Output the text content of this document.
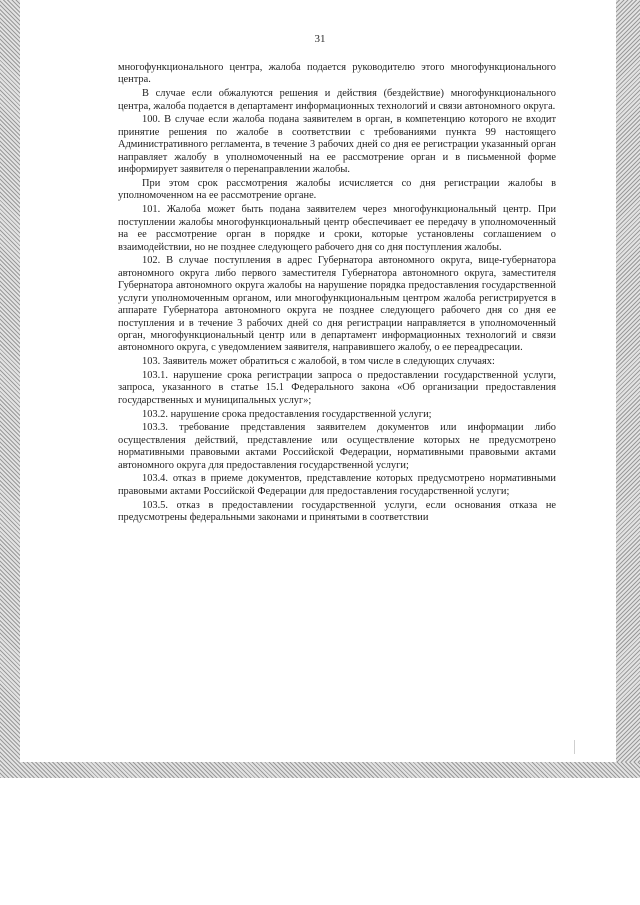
31

многофункционального центра, жалоба подается руководителю этого многофункционального центра.

В случае если обжалуются решения и действия (бездействие) многофункционального центра, жалоба подается в департамент информационных технологий и связи автономного округа.

100. В случае если жалоба подана заявителем в орган, в компетенцию которого не входит принятие решения по жалобе в соответствии с требованиями пункта 99 настоящего Административного регламента, в течение 3 рабочих дней со дня ее регистрации указанный орган направляет жалобу в уполномоченный на ее рассмотрение орган и в письменной форме информирует заявителя о перенаправлении жалобы.

При этом срок рассмотрения жалобы исчисляется со дня регистрации жалобы в уполномоченном на ее рассмотрение органе.

101. Жалоба может быть подана заявителем через многофункциональный центр. При поступлении жалобы многофункциональный центр обеспечивает ее передачу в уполномоченный на ее рассмотрение орган в порядке и сроки, которые установлены соглашением о взаимодействии, но не позднее следующего рабочего дня со дня поступления жалобы.

102. В случае поступления в адрес Губернатора автономного округа, вице-губернатора автономного округа либо первого заместителя Губернатора автономного округа, заместителя Губернатора автономного округа жалобы на нарушение порядка предоставления государственной услуги уполномоченным органом, или многофункциональным центром жалоба регистрируется в аппарате Губернатора автономного округа не позднее следующего рабочего дня со дня ее поступления и в течение 3 рабочих дней со дня регистрации направляется в уполномоченный орган, многофункциональный центр или в департамент информационных технологий и связи автономного округа, с уведомлением заявителя, направившего жалобу, о ее переадресации.

103. Заявитель может обратиться с жалобой, в том числе в следующих случаях:

103.1. нарушение срока регистрации запроса о предоставлении государственной услуги, запроса, указанного в статье 15.1 Федерального закона «Об организации предоставления государственных и муниципальных услуг»;

103.2. нарушение срока предоставления государственной услуги;

103.3. требование представления заявителем документов или информации либо осуществления действий, представление или осуществление которых не предусмотрено нормативными правовыми актами Российской Федерации, нормативными правовыми актами автономного округа для предоставления государственной услуги;

103.4. отказ в приеме документов, представление которых предусмотрено нормативными правовыми актами Российской Федерации для предоставления государственной услуги;

103.5. отказ в предоставлении государственной услуги, если основания отказа не предусмотрены федеральными законами и принятыми в соответствии
